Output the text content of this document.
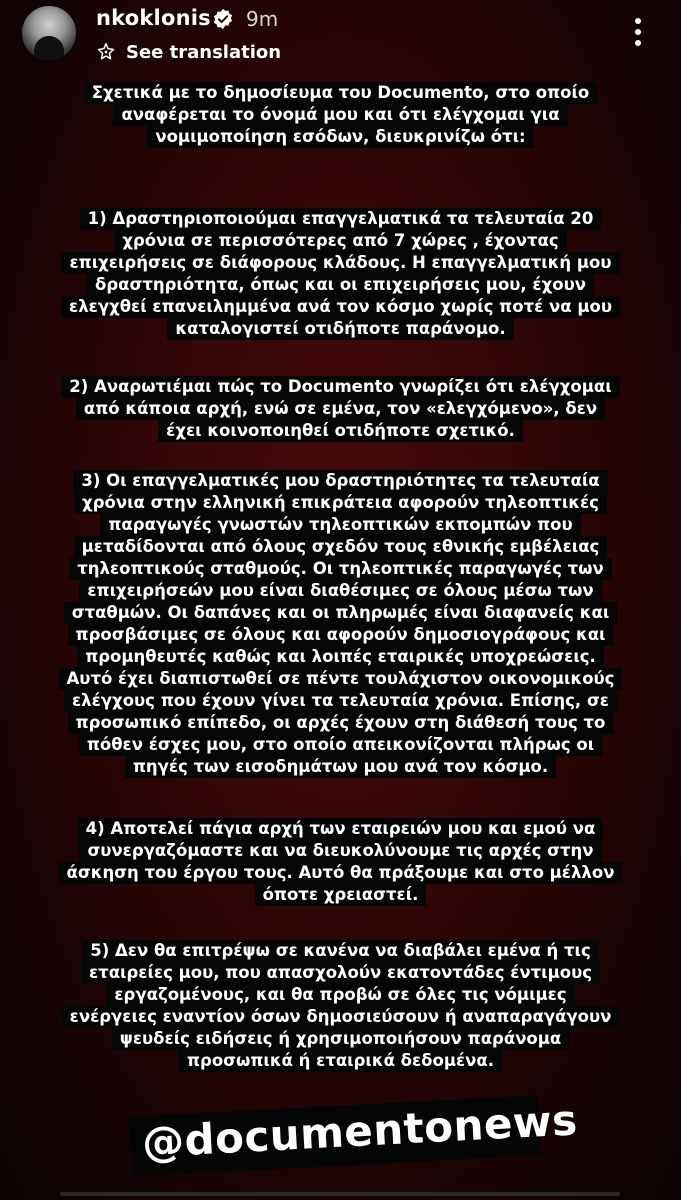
nkoklonis 9m
See translation
Σχετικά με το δημοσίευμα του Documento, στο οποίο
αναφέρεται το όνομά μου και ότι ελέγχομαι για
νομιμοποίηση εσόδων, διευκρινίζω ότι:
1) Δραστηριοποιούμαι επαγγελματικά τα τελευταία 20
χρόνια σε περισσότερες από 7 χώρες , έχοντας
επιχειρήσεις σε διάφορους κλάδους. Η επαγγελματική μου
δραστηριότητα, όπως και οι επιχειρήσεις μου, έχουν
ελεγχθεί επανειλημμένα ανά τον κόσμο χωρίς ποτέ να μου
καταλογιστεί οτιδήποτε παράνομο.
2) Αναρωτιέμαι πώς το Documento γνωρίζει ότι ελέγχομαι
από κάποια αρχή, ενώ σε εμένα, τον «ελεγχόμενο», δεν
έχει κοινοποιηθεί οτιδήποτε σχετικό.
3) Οι επαγγελματικές μου δραστηριότητες τα τελευταία
χρόνια στην ελληνική επικράτεια αφορούν τηλεοπτικές
παραγωγές γνωστών τηλεοπτικών εκπομπών που
μεταδίδονται από όλους σχεδόν τους εθνικής εμβέλειας
τηλεοπτικούς σταθμούς. Οι τηλεοπτικές παραγωγές των
επιχειρήσεών μου είναι διαθέσιμες σε όλους μέσω των
σταθμών. Οι δαπάνες και οι πληρωμές είναι διαφανείς και
προσβάσιμες σε όλους και αφορούν δημοσιογράφους και
προμηθευτές καθώς και λοιπές εταιρικές υποχρεώσεις.
Αυτό έχει διαπιστωθεί σε πέντε τουλάχιστον οικονομικούς
ελέγχους που έχουν γίνει τα τελευταία χρόνια. Επίσης, σε
προσωπικό επίπεδο, οι αρχές έχουν στη διάθεσή τους το
πόθεν έσχες μου, στο οποίο απεικονίζονται πλήρως οι
πηγές των εισοδημάτων μου ανά τον κόσμο.
4) Αποτελεί πάγια αρχή των εταιρειών μου και εμού να
συνεργαζόμαστε και να διευκολύνουμε τις αρχές στην
άσκηση του έργου τους. Αυτό θα πράξουμε και στο μέλλον
όποτε χρειαστεί.
5) Δεν θα επιτρέψω σε κανένα να διαβάλει εμένα ή τις
εταιρείες μου, που απασχολούν εκατοντάδες έντιμους
εργαζομένους, και θα προβώ σε όλες τις νόμιμες
ενέργειες εναντίον όσων δημοσιεύσουν ή αναπαραγάγουν
ψευδείς ειδήσεις ή χρησιμοποιήσουν παράνομα
προσωπικά ή εταιρικά δεδομένα.
@documentonews
